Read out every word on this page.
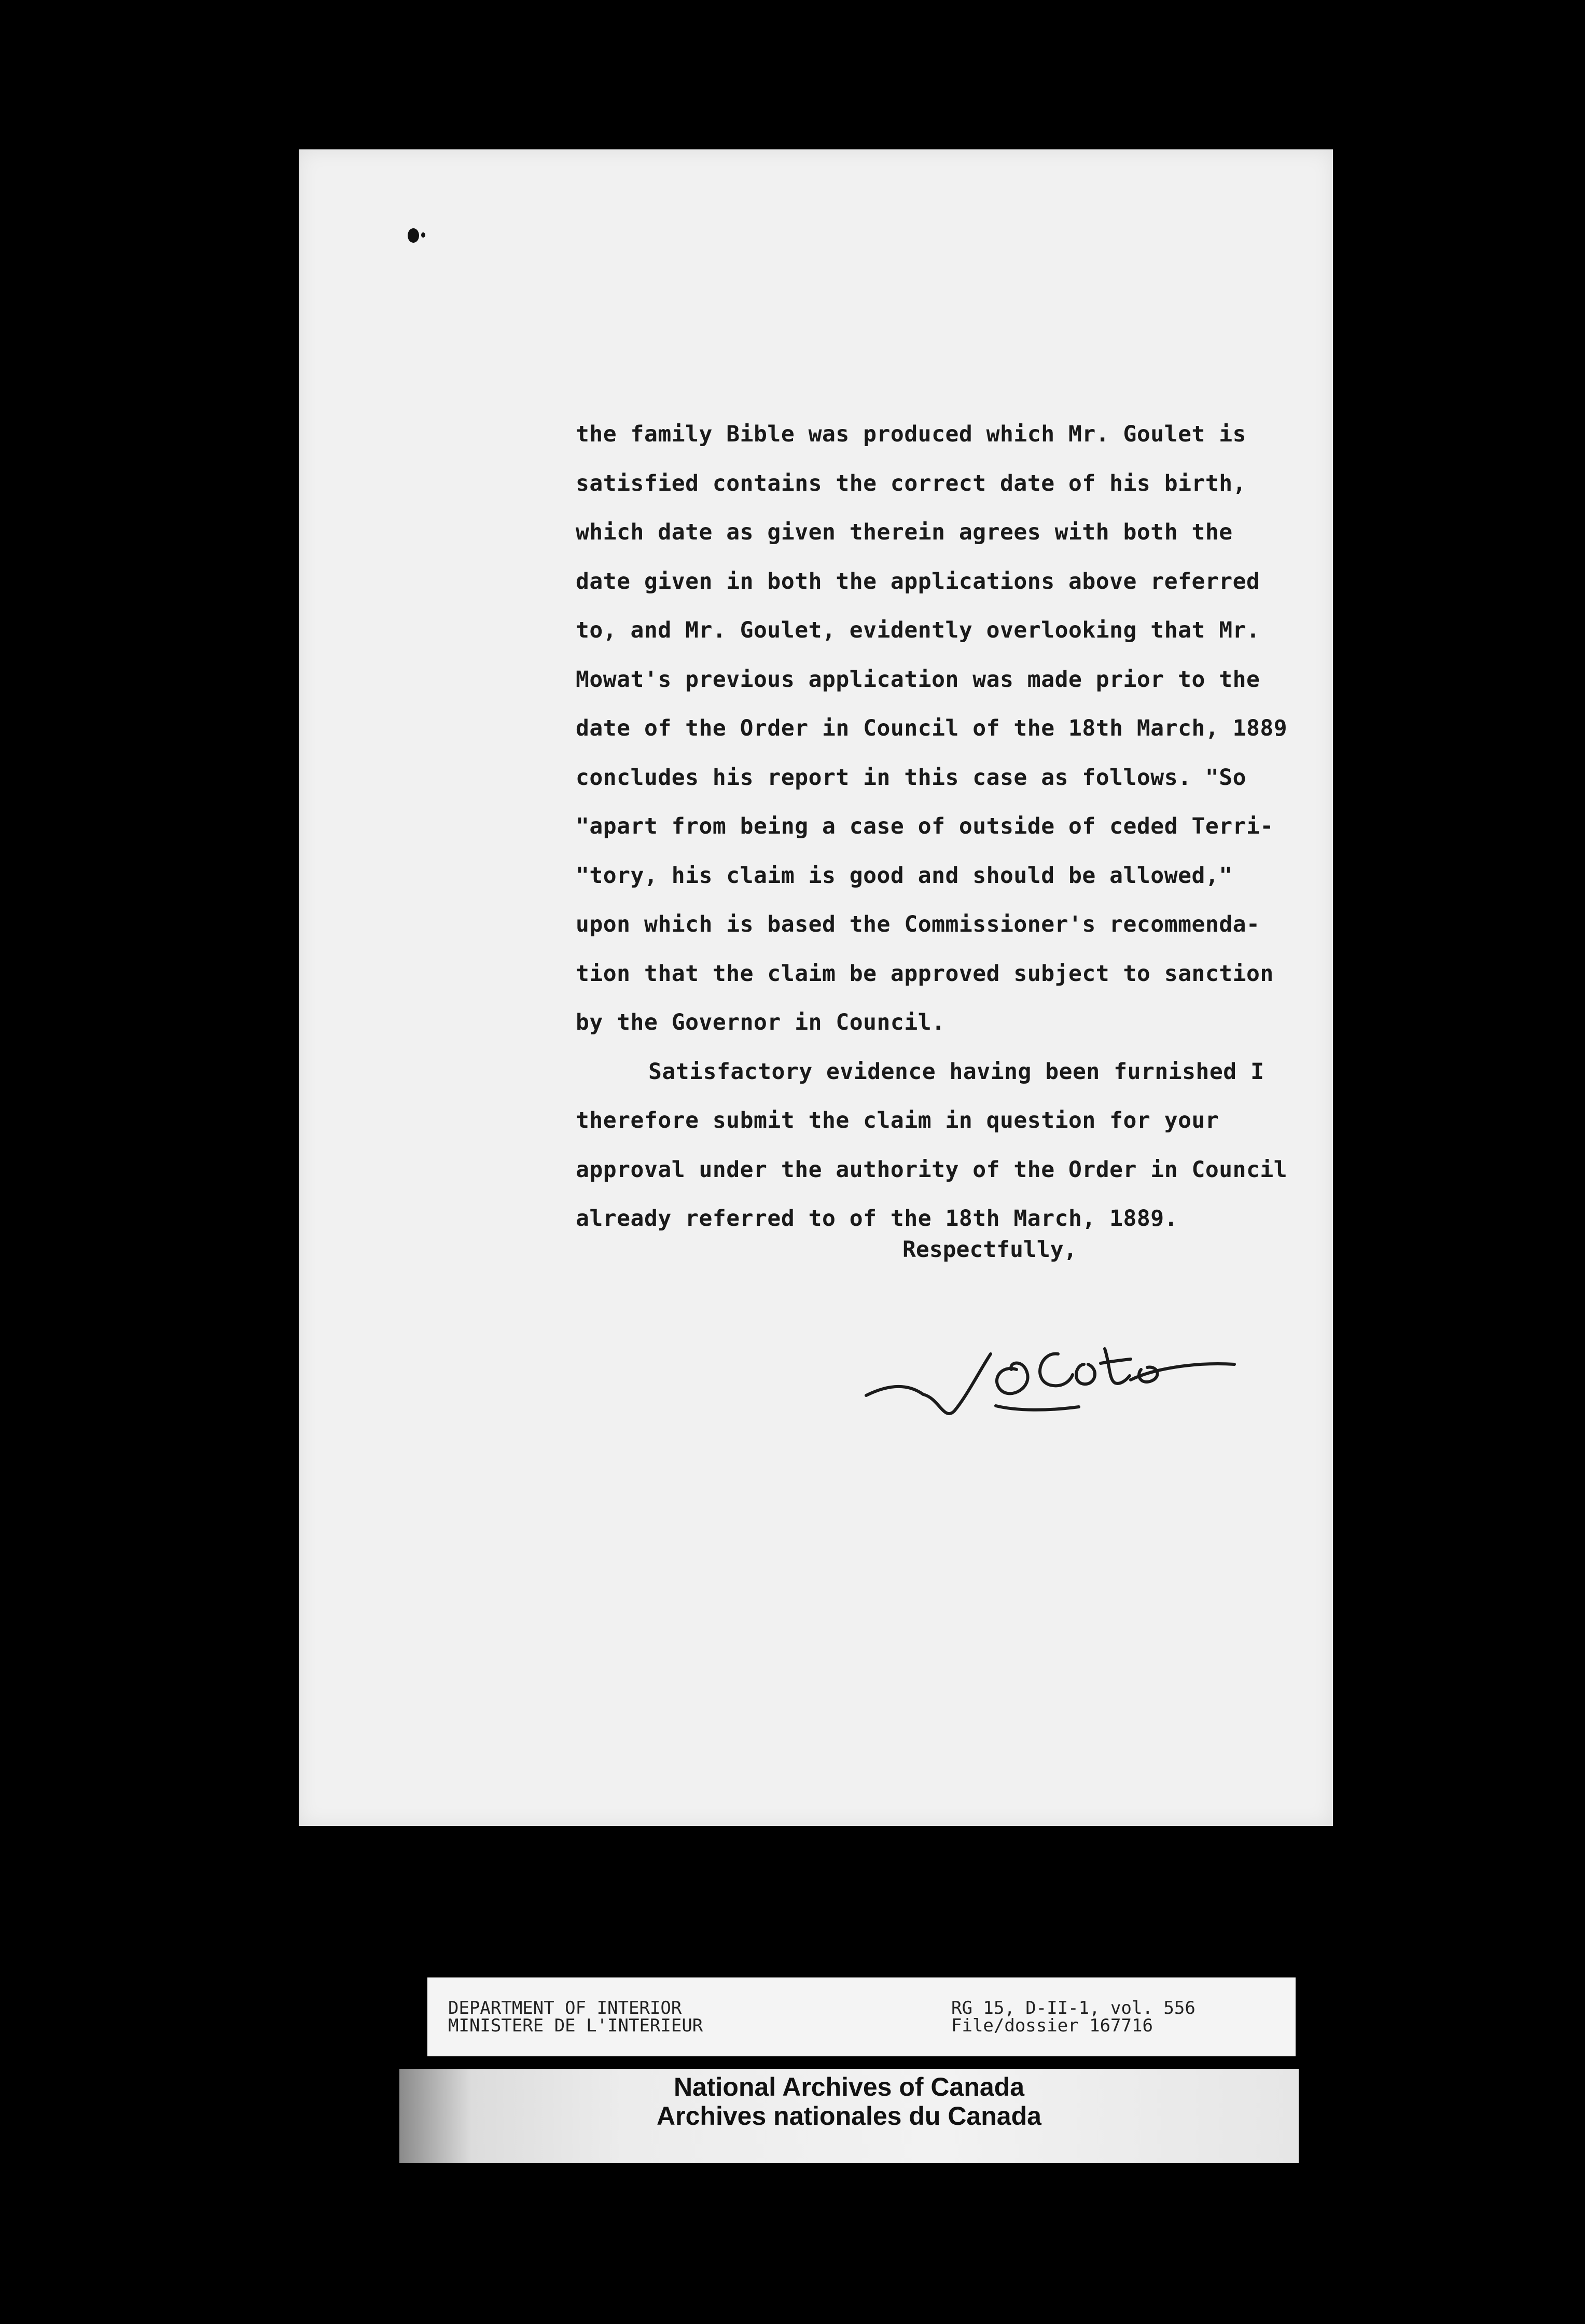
the family Bible was produced which Mr. Goulet is
satisfied contains the correct date of his birth,
which date as given therein agrees with both the
date given in both the applications above referred
to, and Mr. Goulet, evidently overlooking that Mr.
Mowat's previous application was made prior to the
date of the Order in Council of the 18th March, 1889
concludes his report in this case as follows. "So
"apart from being a case of outside of ceded Terri-
"tory, his claim is good and should be allowed,"
upon which is based the Commissioner's recommenda-
tion that the claim be approved subject to sanction
by the Governor in Council.
Satisfactory evidence having been furnished I
therefore submit the claim in question for your
approval under the authority of the Order in Council
already referred to of the 18th March, 1889.

Respectfully,

DEPARTMENT OF INTERIOR

MINISTERE DE L'INTERIEUR

RG 15, D-II-1, vol. 556

File/dossier 167716

National Archives of Canada

Archives nationales du Canada
